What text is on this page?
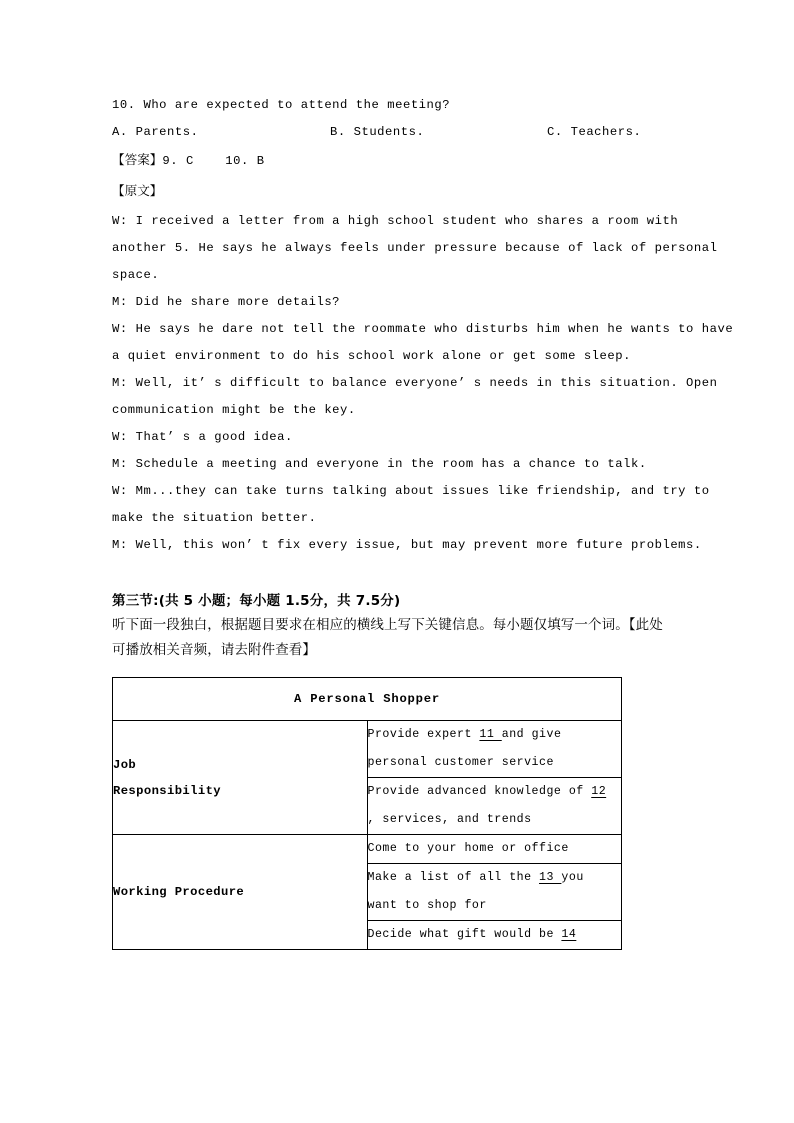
10. Who are expected to attend the meeting?

A. Parents.

	B. Students.

	C. Teachers.

【答案】9. C    10. B
【原文】
W: I received a letter from a high school student who shares a room with
another 5. He says he always feels under pressure because of lack of personal
space.
M: Did he share more details?
W: He says he dare not tell the roommate who disturbs him when he wants to have
a quiet environment to do his school work alone or get some sleep.
M: Well, it’ s difficult to balance everyone’ s needs in this situation. Open
communication might be the key.
W: That’ s a good idea.
M: Schedule a meeting and everyone in the room has a chance to talk.
W: Mm...they can take turns talking about issues like friendship, and try to
make the situation better.
M: Well, this won’ t fix every issue, but may prevent more future problems.
第三节:(共 5 小题；每小题 1.5分，共 7.5分)
听下面一段独白，根据题目要求在相应的横线上写下关键信息。每小题仅填写一个词。【此处可播放相关音频，请去附件查看】
A Personal Shopper	
Job
Responsibility	Provide expert 11 and give personal customer service
	Provide advanced knowledge of 12 , services, and trends
Working Procedure	Come to your home or office
	Make a list of all the 13 you want to shop for
	Decide what gift would be 14
